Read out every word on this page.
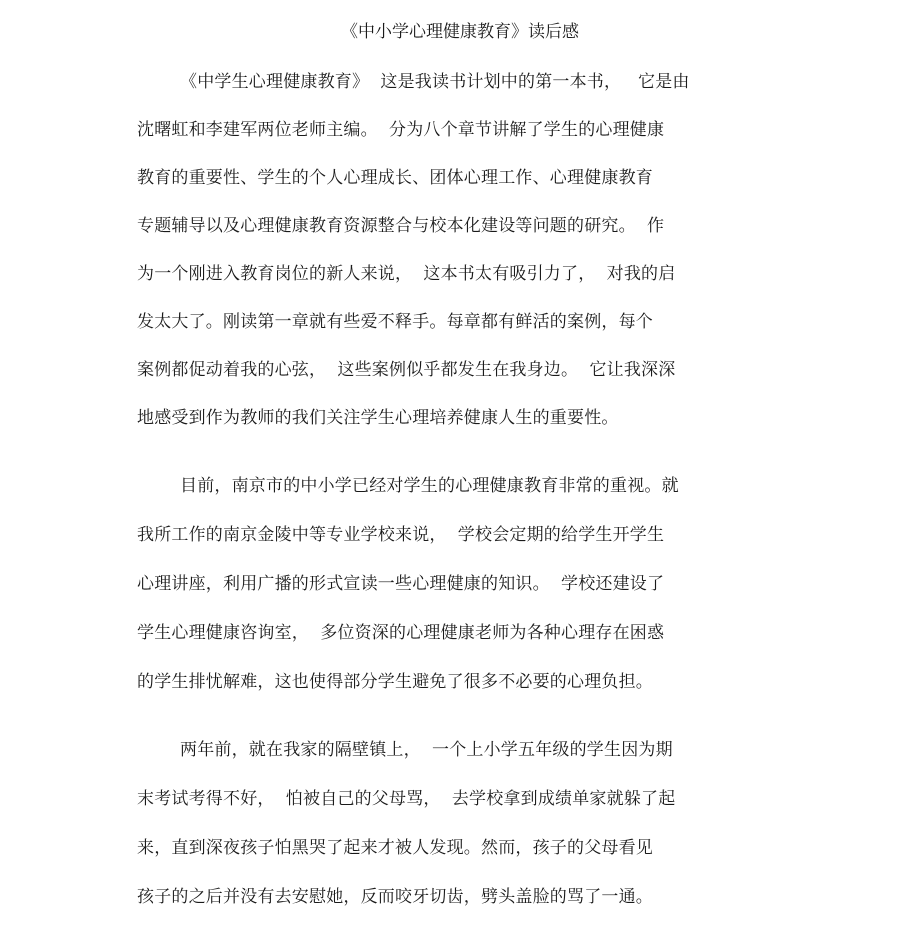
《中小学心理健康教育》读后感
《中学生心理健康教育》  这是我读书计划中的第一本书，   它是由
沈曙虹和李建军两位老师主编。  分为八个章节讲解了学生的心理健康
教育的重要性、学生的个人心理成长、团体心理工作、心理健康教育
专题辅导以及心理健康教育资源整合与校本化建设等问题的研究。  作
为一个刚进入教育岗位的新人来说，  这本书太有吸引力了，  对我的启
发太大了。刚读第一章就有些爱不释手。每章都有鲜活的案例，每个
案例都促动着我的心弦，  这些案例似乎都发生在我身边。  它让我深深
地感受到作为教师的我们关注学生心理培养健康人生的重要性。
目前，南京市的中小学已经对学生的心理健康教育非常的重视。就
我所工作的南京金陵中等专业学校来说，  学校会定期的给学生开学生
心理讲座，利用广播的形式宣读一些心理健康的知识。  学校还建设了
学生心理健康咨询室，  多位资深的心理健康老师为各种心理存在困惑
的学生排忧解难，这也使得部分学生避免了很多不必要的心理负担。
两年前，就在我家的隔壁镇上，  一个上小学五年级的学生因为期
末考试考得不好，  怕被自己的父母骂，  去学校拿到成绩单家就躲了起
来，直到深夜孩子怕黑哭了起来才被人发现。然而，孩子的父母看见
孩子的之后并没有去安慰她，反而咬牙切齿，劈头盖脸的骂了一通。
